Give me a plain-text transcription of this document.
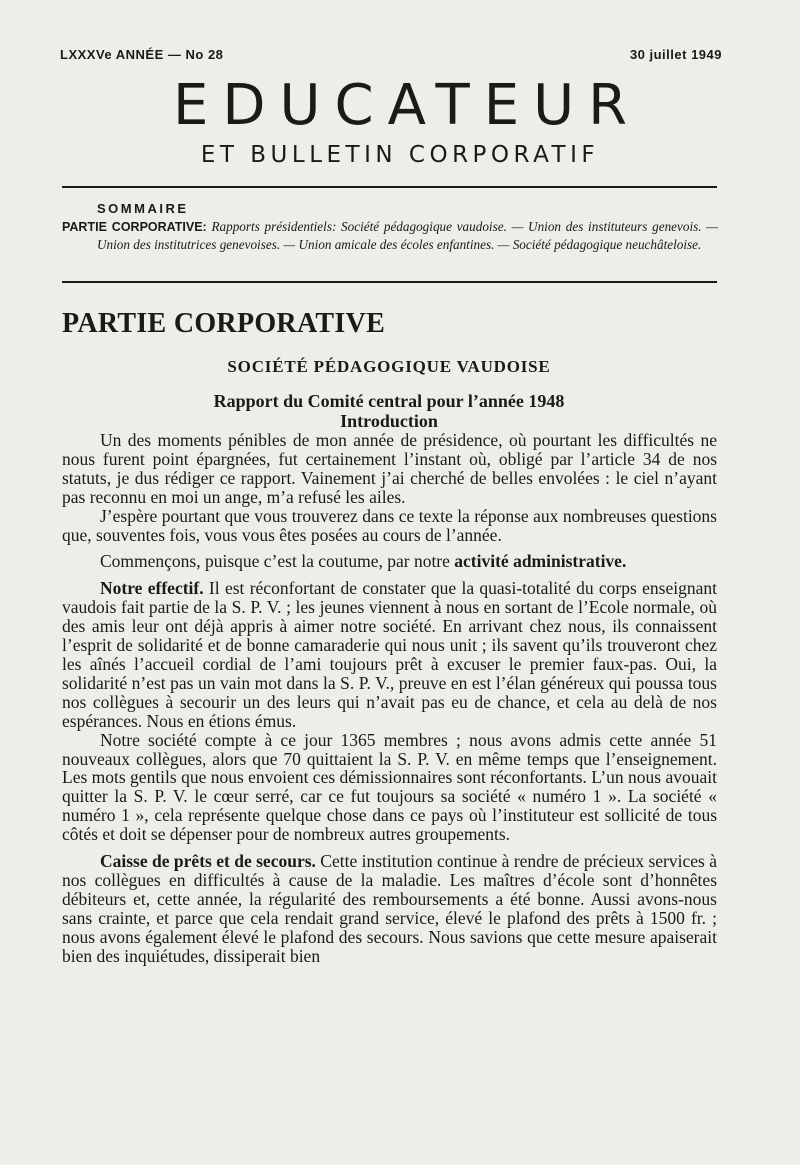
LXXXVe ANNÉE — No 28	30 juillet 1949
EDUCATEUR
ET BULLETIN CORPORATIF
SOMMAIRE
PARTIE CORPORATIVE: Rapports présidentiels: Société pédagogique vaudoise. — Union des instituteurs genevois. — Union des institutrices genevoises. — Union amicale des écoles enfantines. — Société pédagogique neuchâteloise.
PARTIE CORPORATIVE
SOCIÉTÉ PÉDAGOGIQUE VAUDOISE
Rapport du Comité central pour l’année 1948
Introduction

Un des moments pénibles de mon année de présidence, où pourtant les difficultés ne nous furent point épargnées, fut certainement l’instant où, obligé par l’article 34 de nos statuts, je dus rédiger ce rapport. Vainement j’ai cherché de belles envolées : le ciel n’ayant pas reconnu en moi un ange, m’a refusé les ailes.

J’espère pourtant que vous trouverez dans ce texte la réponse aux nombreuses questions que, souventes fois, vous vous êtes posées au cours de l’année.

Commençons, puisque c’est la coutume, par notre activité administrative.

Notre effectif. Il est réconfortant de constater que la quasi-totalité du corps enseignant vaudois fait partie de la S. P. V. ; les jeunes viennent à nous en sortant de l’Ecole normale, où des amis leur ont déjà appris à aimer notre société. En arrivant chez nous, ils connaissent l’esprit de solidarité et de bonne camaraderie qui nous unit ; ils savent qu’ils trouveront chez les aînés l’accueil cordial de l’ami toujours prêt à excuser le premier faux-pas. Oui, la solidarité n’est pas un vain mot dans la S. P. V., preuve en est l’élan généreux qui poussa tous nos collègues à secourir un des leurs qui n’avait pas eu de chance, et cela au delà de nos espérances. Nous en étions émus.

Notre société compte à ce jour 1365 membres ; nous avons admis cette année 51 nouveaux collègues, alors que 70 quittaient la S. P. V. en même temps que l’enseignement. Les mots gentils que nous envoient ces démissionnaires sont réconfortants. L’un nous avouait quitter la S. P. V. le cœur serré, car ce fut toujours sa société « numéro 1 ». La société « numéro 1 », cela représente quelque chose dans ce pays où l’instituteur est sollicité de tous côtés et doit se dépenser pour de nombreux autres groupements.

Caisse de prêts et de secours. Cette institution continue à rendre de précieux services à nos collègues en difficultés à cause de la maladie. Les maîtres d’école sont d’honnêtes débiteurs et, cette année, la régularité des remboursements a été bonne. Aussi avons-nous sans crainte, et parce que cela rendait grand service, élevé le plafond des prêts à 1500 fr. ; nous avons également élevé le plafond des secours. Nous savions que cette mesure apaiserait bien des inquiétudes, dissiperait bien
